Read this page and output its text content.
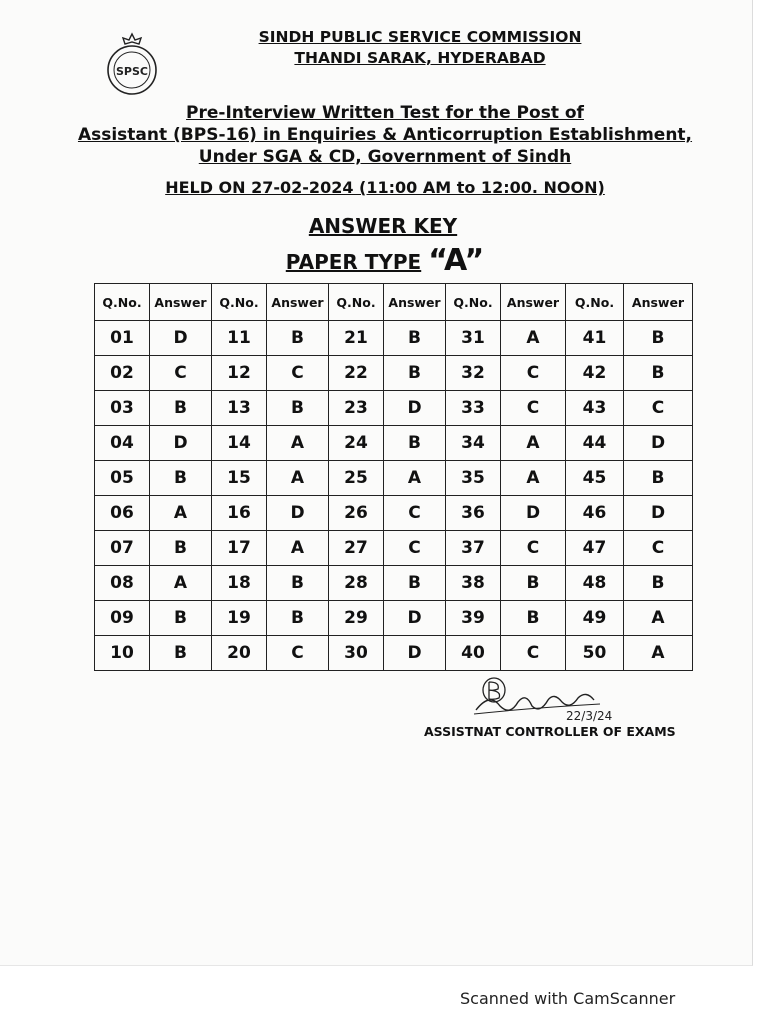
SPSC
SINDH PUBLIC SERVICE COMMISSION
THANDI SARAK, HYDERABAD
Pre-Interview Written Test for the Post of
Assistant (BPS-16) in Enquiries & Anticorruption Establishment,
Under SGA & CD, Government of Sindh
HELD ON 27-02-2024 (11:00 AM to 12:00. NOON)
ANSWER KEY
PAPER TYPE “A”
Q.No.	Answer	Q.No.	Answer	Q.No.	Answer	Q.No.	Answer	Q.No.	Answer
01	D	11	B	21	B	31	A	41	B
02	C	12	C	22	B	32	C	42	B
03	B	13	B	23	D	33	C	43	C
04	D	14	A	24	B	34	A	44	D
05	B	15	A	25	A	35	A	45	B
06	A	16	D	26	C	36	D	46	D
07	B	17	A	27	C	37	C	47	C
08	A	18	B	28	B	38	B	48	B
09	B	19	B	29	D	39	B	49	A
10	B	20	C	30	D	40	C	50	A
22/3/24
ASSISTNAT CONTROLLER OF EXAMS
Scanned with CamScanner
